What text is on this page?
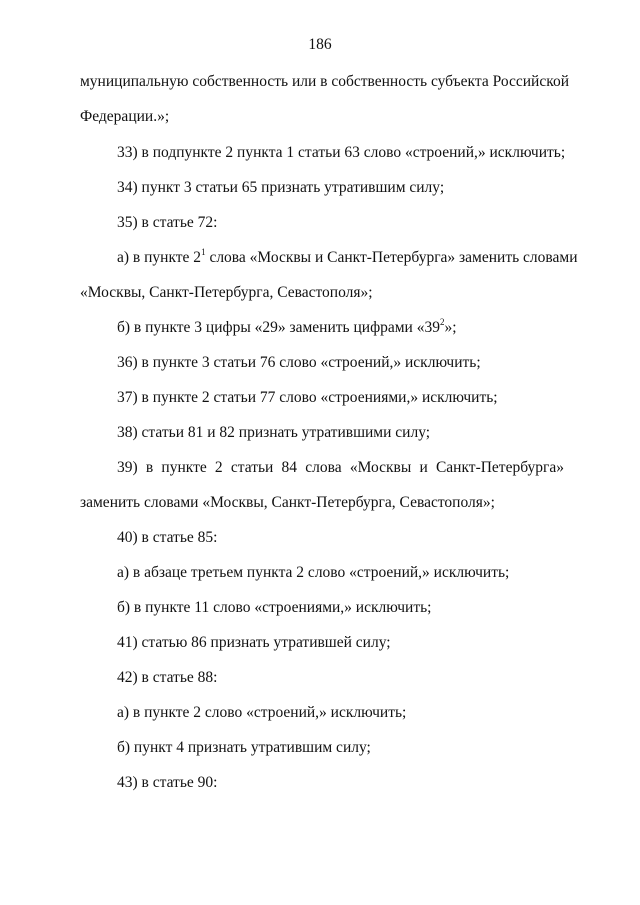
186
муниципальную собственность или в собственность субъекта Российской
Федерации.»;
33) в подпункте 2 пункта 1 статьи 63 слово «строений,» исключить;
34) пункт 3 статьи 65 признать утратившим силу;
35) в статье 72:
а) в пункте $2^1$ слова «Москвы и Санкт-Петербурга» заменить словами
«Москвы, Санкт-Петербурга, Севастополя»;
б) в пункте 3 цифры «29» заменить цифрами «$39^2$»;
36) в пункте 3 статьи 76 слово «строений,» исключить;
37) в пункте 2 статьи 77 слово «строениями,» исключить;
38) статьи 81 и 82 признать утратившими силу;
39) в пункте 2 статьи 84 слова «Москвы и Санкт-Петербурга»
заменить словами «Москвы, Санкт-Петербурга, Севастополя»;
40) в статье 85:
а) в абзаце третьем пункта 2 слово «строений,» исключить;
б) в пункте 11 слово «строениями,» исключить;
41) статью 86 признать утратившей силу;
42) в статье 88:
а) в пункте 2 слово «строений,» исключить;
б) пункт 4 признать утратившим силу;
43) в статье 90:
